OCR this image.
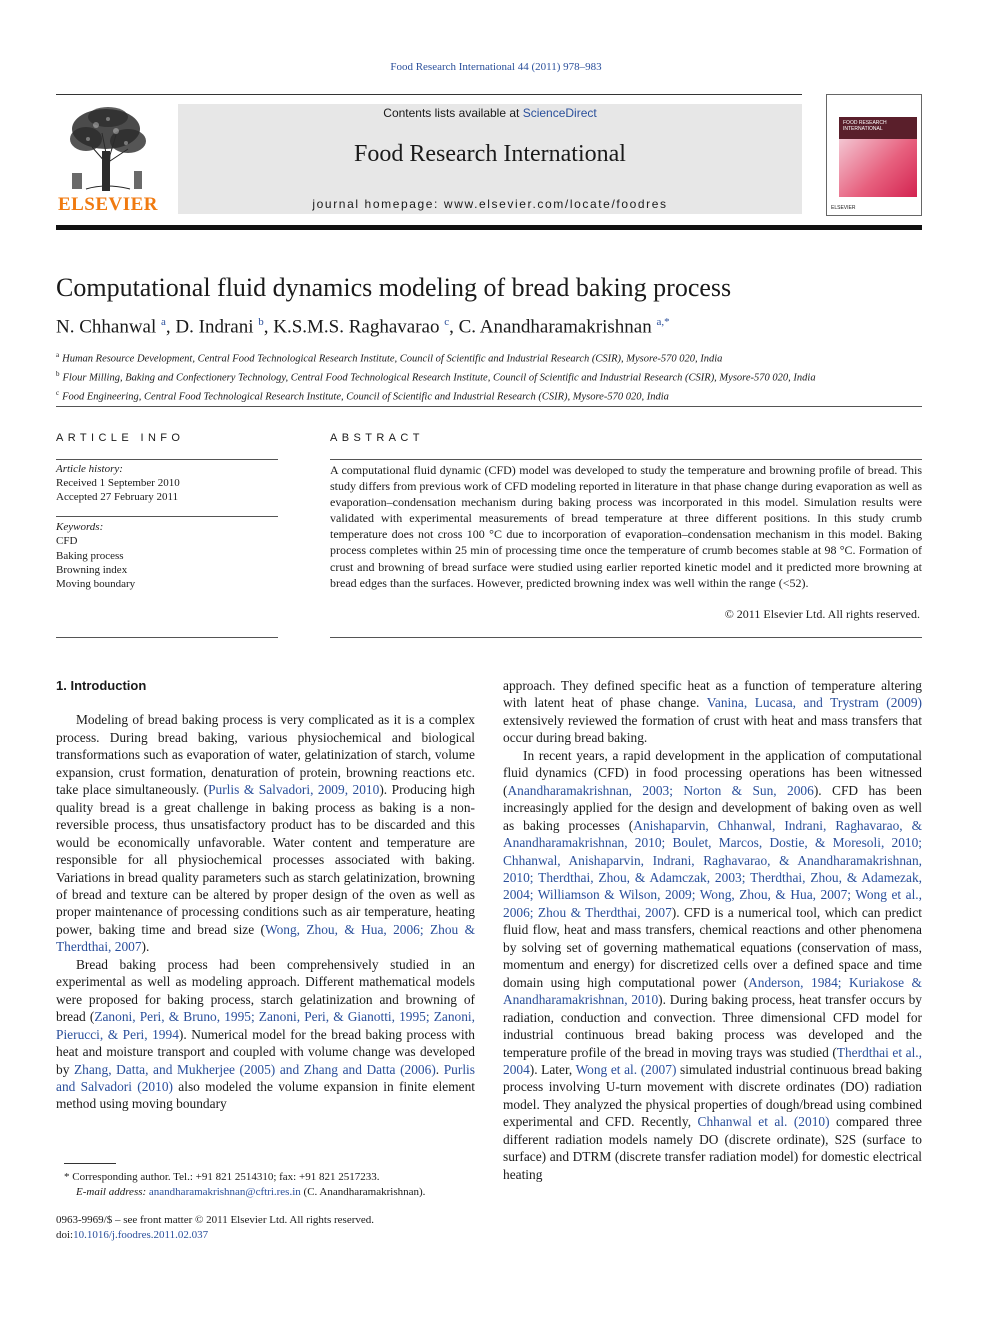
Food Research International 44 (2011) 978–983
ELSEVIER
Contents lists available at ScienceDirect
Food Research International
journal homepage: www.elsevier.com/locate/foodres
FOOD RESEARCH INTERNATIONAL
ELSEVIER
Computational fluid dynamics modeling of bread baking process
N. Chhanwal $^a$, D. Indrani $^b$, K.S.M.S. Raghavarao $^c$, C. Anandharamakrishnan $^{a,*}$
$^a$ Human Resource Development, Central Food Technological Research Institute, Council of Scientific and Industrial Research (CSIR), Mysore-570 020, India
$^b$ Flour Milling, Baking and Confectionery Technology, Central Food Technological Research Institute, Council of Scientific and Industrial Research (CSIR), Mysore-570 020, India
$^c$ Food Engineering, Central Food Technological Research Institute, Council of Scientific and Industrial Research (CSIR), Mysore-570 020, India
ARTICLE INFO
Article history:
Received 1 September 2010
Accepted 27 February 2011
Keywords:
CFD
Baking process
Browning index
Moving boundary
ABSTRACT
A computational fluid dynamic (CFD) model was developed to study the temperature and browning profile of bread. This study differs from previous work of CFD modeling reported in literature in that phase change during evaporation as well as evaporation–condensation mechanism during baking process was incorporated in this model. Simulation results were validated with experimental measurements of bread temperature at three different positions. In this study crumb temperature does not cross 100 °C due to incorporation of evaporation–condensation mechanism in this model. Baking process completes within 25 min of processing time once the temperature of crumb becomes stable at 98 °C. Formation of crust and browning of bread surface were studied using earlier reported kinetic model and it predicted more browning at bread edges than the surfaces. However, predicted browning index was well within the range (<52).
© 2011 Elsevier Ltd. All rights reserved.
1. Introduction

Modeling of bread baking process is very complicated as it is a complex process. During bread baking, various physiochemical and biological transformations such as evaporation of water, gelatinization of starch, volume expansion, crust formation, denaturation of protein, browning reactions etc. take place simultaneously. (Purlis & Salvadori, 2009, 2010). Producing high quality bread is a great challenge in baking process as baking is a non-reversible process, thus unsatisfactory product has to be discarded and this would be economically unfavorable. Water content and temperature are responsible for all physiochemical processes associated with baking. Variations in bread quality parameters such as starch gelatinization, browning of bread and texture can be altered by proper design of the oven as well as proper maintenance of processing conditions such as air temperature, heating power, baking time and bread size (Wong, Zhou, & Hua, 2006; Zhou & Therdthai, 2007).

Bread baking process had been comprehensively studied in an experimental as well as modeling approach. Different mathematical models were proposed for baking process, starch gelatinization and browning of bread (Zanoni, Peri, & Bruno, 1995; Zanoni, Peri, & Gianotti, 1995; Zanoni, Pierucci, & Peri, 1994). Numerical model for the bread baking process with heat and moisture transport and coupled with volume change was developed by Zhang, Datta, and Mukherjee (2005) and Zhang and Datta (2006). Purlis and Salvadori (2010) also modeled the volume expansion in finite element method using moving boundary

approach. They defined specific heat as a function of temperature altering with latent heat of phase change. Vanina, Lucasa, and Trystram (2009) extensively reviewed the formation of crust with heat and mass transfers that occur during bread baking.

In recent years, a rapid development in the application of computational fluid dynamics (CFD) in food processing operations has been witnessed (Anandharamakrishnan, 2003; Norton & Sun, 2006). CFD has been increasingly applied for the design and development of baking oven as well as baking processes (Anishaparvin, Chhanwal, Indrani, Raghavarao, & Anandharamakrishnan, 2010; Boulet, Marcos, Dostie, & Moresoli, 2010; Chhanwal, Anishaparvin, Indrani, Raghavarao, & Anandharamakrishnan, 2010; Therdthai, Zhou, & Adamczak, 2003; Therdthai, Zhou, & Adamezak, 2004; Williamson & Wilson, 2009; Wong, Zhou, & Hua, 2007; Wong et al., 2006; Zhou & Therdthai, 2007). CFD is a numerical tool, which can predict fluid flow, heat and mass transfers, chemical reactions and other phenomena by solving set of governing mathematical equations (conservation of mass, momentum and energy) for discretized cells over a defined space and time domain using high computational power (Anderson, 1984; Kuriakose & Anandharamakrishnan, 2010). During baking process, heat transfer occurs by radiation, conduction and convection. Three dimensional CFD model for industrial continuous bread baking process was developed and the temperature profile of the bread in moving trays was studied (Therdthai et al., 2004). Later, Wong et al. (2007) simulated industrial continuous bread baking process involving U-turn movement with discrete ordinates (DO) radiation model. They analyzed the physical properties of dough/bread using combined experimental and CFD. Recently, Chhanwal et al. (2010) compared three different radiation models namely DO (discrete ordinate), S2S (surface to surface) and DTRM (discrete transfer radiation model) for domestic electrical heating

* Corresponding author. Tel.: +91 821 2514310; fax: +91 821 2517233.
E-mail address: anandharamakrishnan@cftri.res.in (C. Anandharamakrishnan).
0963-9969/$ – see front matter © 2011 Elsevier Ltd. All rights reserved.
doi:10.1016/j.foodres.2011.02.037
